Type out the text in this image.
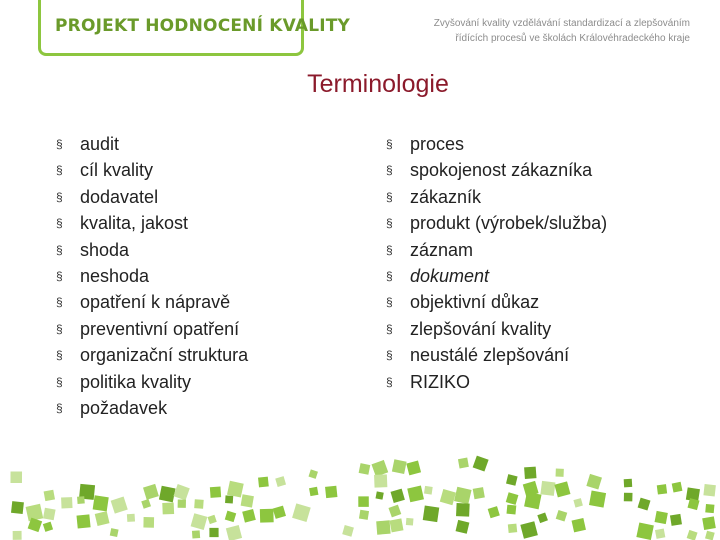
PROJEKT HODNOCENÍ KVALITY	Zvyšování kvality vzdělávání standardizací a zlepšováním
řídících procesů ve školách Královéhradeckého kraje
Terminologie
§ audit
§ cíl kvality
§ dodavatel
§ kvalita, jakost
§ shoda
§ neshoda
§ opatření k nápravě
§ preventivní opatření
§ organizační struktura
§ politika kvality
§ požadavek
§ proces
§ spokojenost zákazníka
§ zákazník
§ produkt (výrobek/služba)
§ záznam
§ dokument
§ objektivní důkaz
§ zlepšování kvality
§ neustálé zlepšování
§ RIZIKO
